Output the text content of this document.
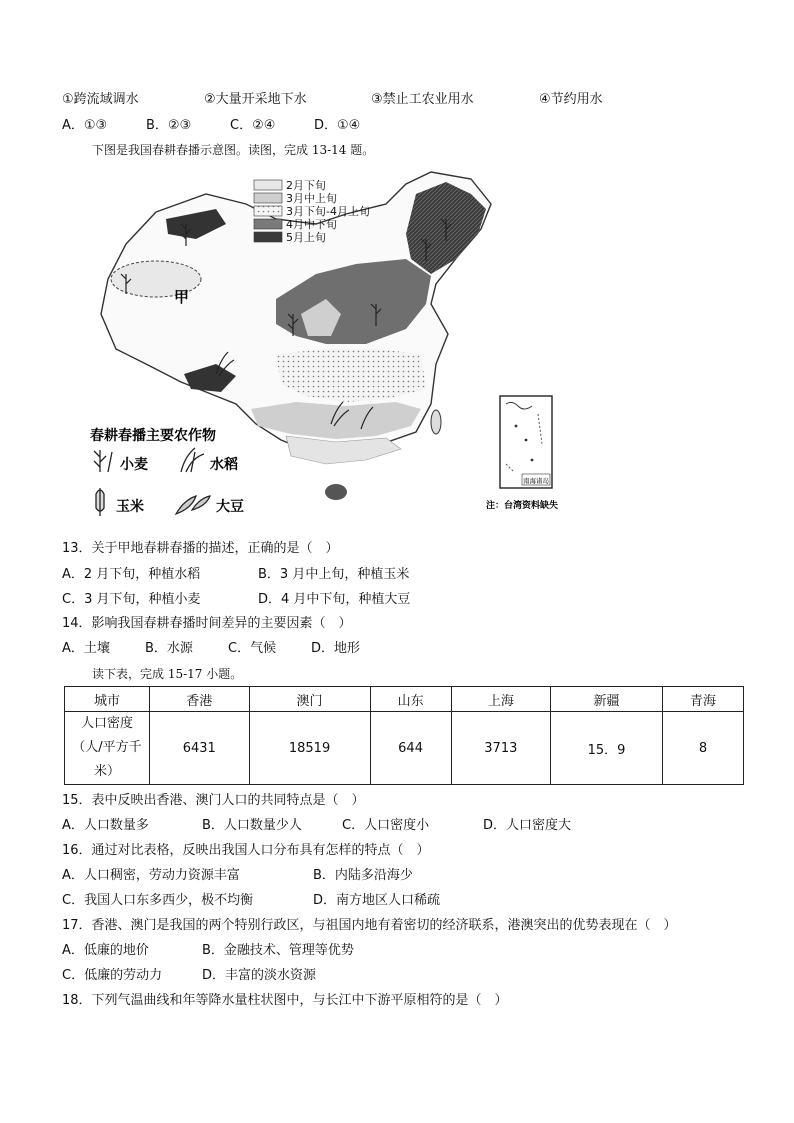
①跨流域调水	②大量开采地下水	③禁止工农业用水	④节约用水
A．①③	B．②③	C．②④	D．①④
下图是我国春耕春播示意图。读图，完成 13-14 题。
甲
2月下旬
3月中上旬
3月下旬-4月上旬
4月中下旬
5月上旬
春耕春播主要农作物
小麦	水稻
玉米	大豆
南海诸岛
注：台湾资料缺失
13．关于甲地春耕春播的描述，正确的是（　）
A．2 月下旬，种植水稻	B．3 月中上旬，种植玉米
C．3 月下旬，种植小麦	D．4 月中下旬，种植大豆
14．影响我国春耕春播时间差异的主要因素（　）
A．土壤	B．水源	C．气候	D．地形
读下表，完成 15-17 小题。
城市	香港	澳门	山东	上海	新疆	青海

人口密度
（人/平方千
米）	6431	18519	644	3713	15．9	8
15．表中反映出香港、澳门人口的共同特点是（　）
A．人口数量多	B．人口数量少人	C．人口密度小	D．人口密度大
16．通过对比表格，反映出我国人口分布具有怎样的特点（　）
A．人口稠密，劳动力资源丰富	B．内陆多沿海少
C．我国人口东多西少，极不均衡	D．南方地区人口稀疏
17．香港、澳门是我国的两个特别行政区，与祖国内地有着密切的经济联系，港澳突出的优势表现在（　）
A．低廉的地价	B．金融技术、管理等优势
C．低廉的劳动力	D．丰富的淡水资源
18．下列气温曲线和年等降水量柱状图中，与长江中下游平原相符的是（　）
